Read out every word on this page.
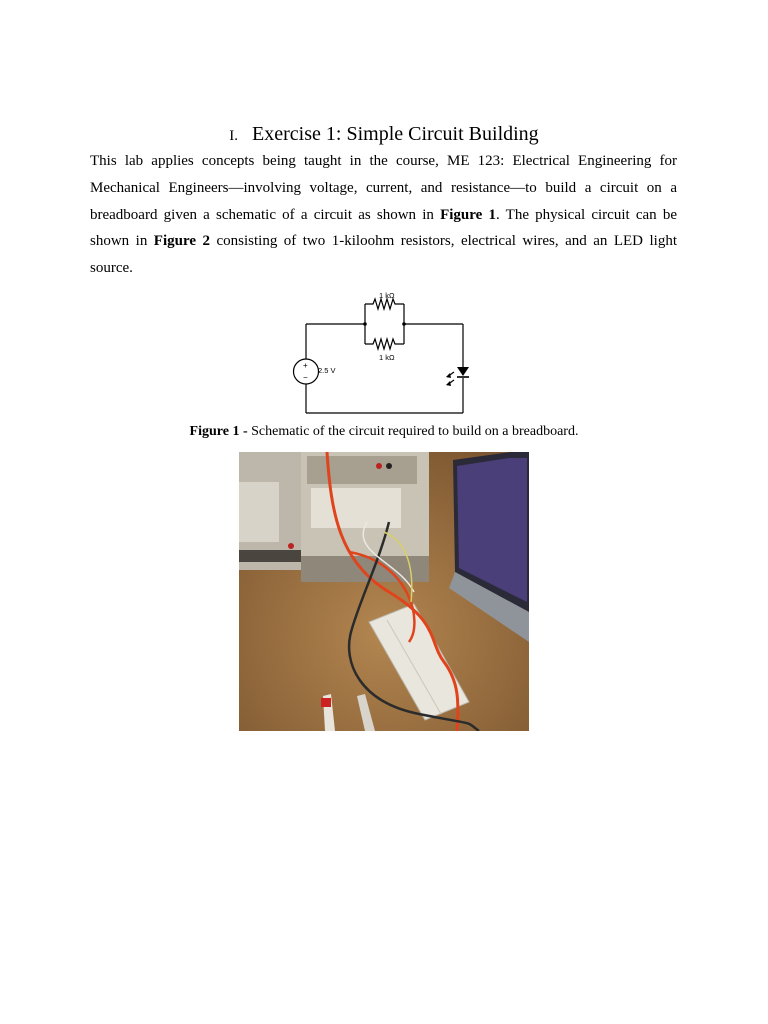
I. Exercise 1: Simple Circuit Building
This lab applies concepts being taught in the course, ME 123: Electrical Engineering for Mechanical Engineers—involving voltage, current, and resistance—to build a circuit on a breadboard given a schematic of a circuit as shown in Figure 1. The physical circuit can be shown in Figure 2 consisting of two 1-kiloohm resistors, electrical wires, and an LED light source.
1 kΩ
1 kΩ
2.5 V
+
−
Figure 1 - Schematic of the circuit required to build on a breadboard.
